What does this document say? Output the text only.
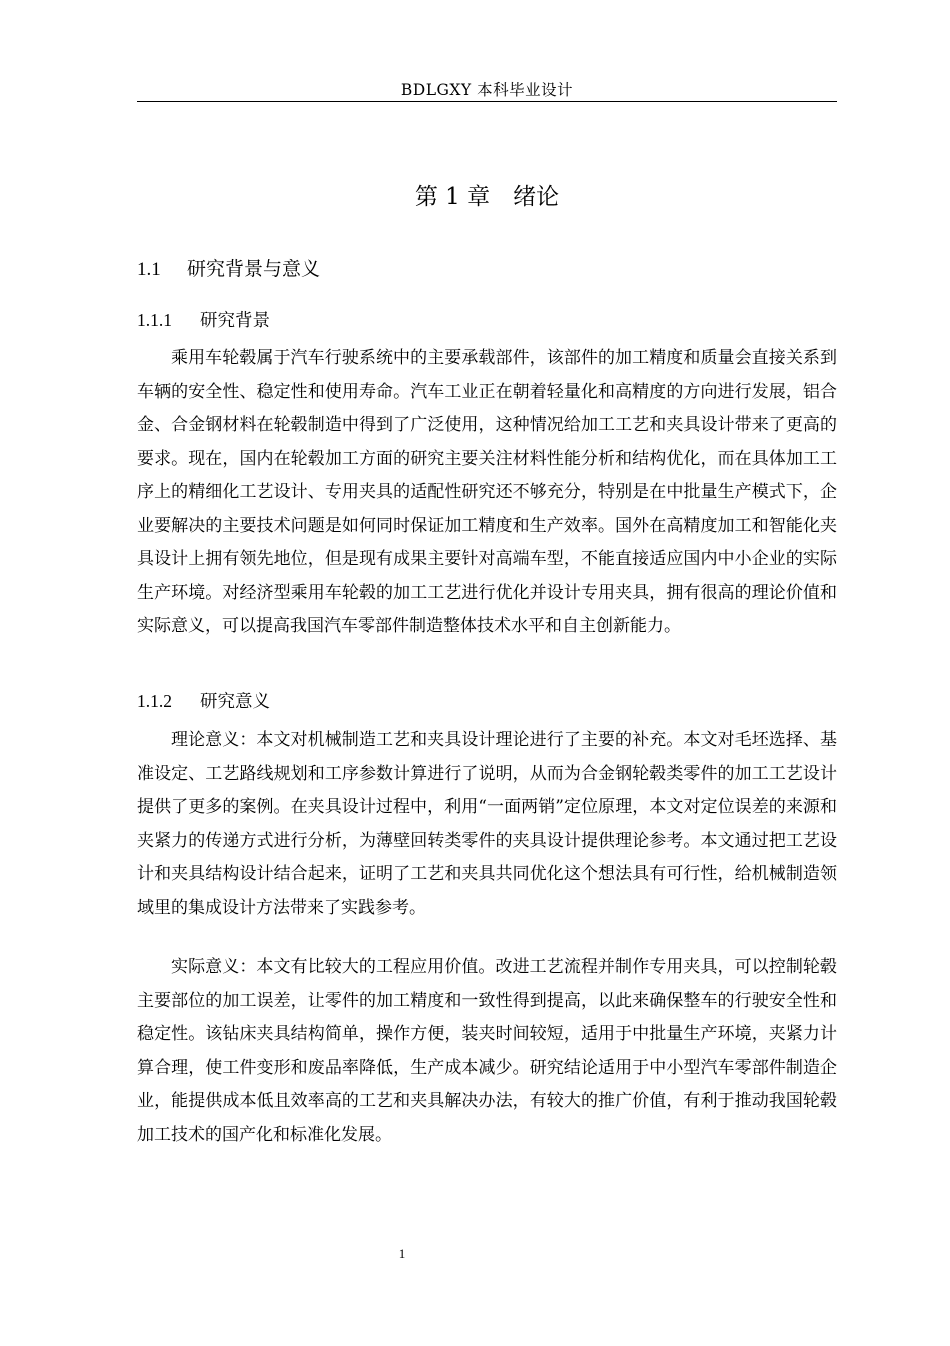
BDLGXY 本科毕业设计
第 1 章　绪论
1.1 研究背景与意义
1.1.1 研究背景

乘用车轮毂属于汽车行驶系统中的主要承载部件，该部件的加工精度和质量会直接关系到车辆的安全性、稳定性和使用寿命。汽车工业正在朝着轻量化和高精度的方向进行发展，铝合金、合金钢材料在轮毂制造中得到了广泛使用，这种情况给加工工艺和夹具设计带来了更高的要求。现在，国内在轮毂加工方面的研究主要关注材料性能分析和结构优化，而在具体加工工序上的精细化工艺设计、专用夹具的适配性研究还不够充分，特别是在中批量生产模式下，企业要解决的主要技术问题是如何同时保证加工精度和生产效率。国外在高精度加工和智能化夹具设计上拥有领先地位，但是现有成果主要针对高端车型，不能直接适应国内中小企业的实际生产环境。对经济型乘用车轮毂的加工工艺进行优化并设计专用夹具，拥有很高的理论价值和实际意义，可以提高我国汽车零部件制造整体技术水平和自主创新能力。

1.1.2 研究意义

理论意义：本文对机械制造工艺和夹具设计理论进行了主要的补充。本文对毛坯选择、基准设定、工艺路线规划和工序参数计算进行了说明，从而为合金钢轮毂类零件的加工工艺设计提供了更多的案例。在夹具设计过程中，利用“一面两销”定位原理，本文对定位误差的来源和夹紧力的传递方式进行分析，为薄壁回转类零件的夹具设计提供理论参考。本文通过把工艺设计和夹具结构设计结合起来，证明了工艺和夹具共同优化这个想法具有可行性，给机械制造领域里的集成设计方法带来了实践参考。

实际意义：本文有比较大的工程应用价值。改进工艺流程并制作专用夹具，可以控制轮毂主要部位的加工误差，让零件的加工精度和一致性得到提高，以此来确保整车的行驶安全性和稳定性。该钻床夹具结构简单，操作方便，装夹时间较短，适用于中批量生产环境，夹紧力计算合理，使工件变形和废品率降低，生产成本减少。研究结论适用于中小型汽车零部件制造企业，能提供成本低且效率高的工艺和夹具解决办法，有较大的推广价值，有利于推动我国轮毂加工技术的国产化和标准化发展。

1
